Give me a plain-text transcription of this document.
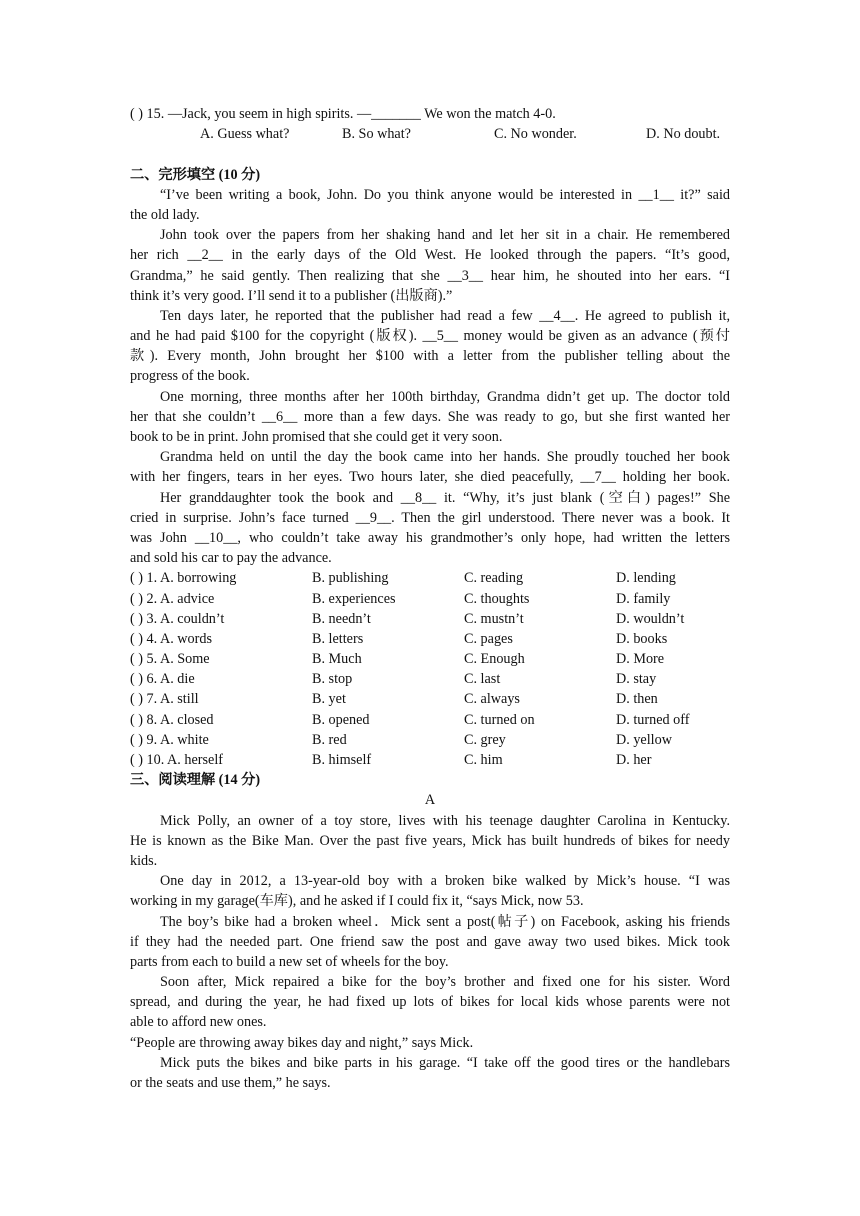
( ) 15. —Jack, you seem in high spirits. —_______ We won the match 4-0.
A. Guess what?	B. So what?	C. No wonder.	D. No doubt.
二、完形填空 (10 分)
“I’ve been writing a book, John. Do you think anyone would be interested in __1__ it?” said
the old lady.
John took over the papers from her shaking hand and let her sit in a chair. He remembered
her rich __2__ in the early days of the Old West. He looked through the papers. “It’s good,
Grandma,” he said gently. Then realizing that she __3__ hear him, he shouted into her ears. “I
think it’s very good. I’ll send it to a publisher (出版商).”
Ten days later, he reported that the publisher had read a few __4__. He agreed to publish it,
and he had paid $100 for the copyright (版权). __5__ money would be given as an advance (预付
款). Every month, John brought her $100 with a letter from the publisher telling about the
progress of the book.
One morning, three months after her 100th birthday, Grandma didn’t get up. The doctor told
her that she couldn’t __6__ more than a few days. She was ready to go, but she first wanted her
book to be in print. John promised that she could get it very soon.
Grandma held on until the day the book came into her hands. She proudly touched her book
with her fingers, tears in her eyes. Two hours later, she died peacefully, __7__ holding her book.
Her granddaughter took the book and __8__ it. “Why, it’s just blank (空白) pages!” She
cried in surprise. John’s face turned __9__. Then the girl understood. There never was a book. It
was John __10__, who couldn’t take away his grandmother’s only hope, had written the letters
and sold his car to pay the advance.
( ) 1. A. borrowing	B. publishing	C. reading	D. lending
( ) 2. A. advice	B. experiences	C. thoughts	D. family
( ) 3. A. couldn’t	B. needn’t	C. mustn’t	D. wouldn’t
( ) 4. A. words	B. letters	C. pages	D. books
( ) 5. A. Some	B. Much	C. Enough	D. More
( ) 6. A. die	B. stop	C. last	D. stay
( ) 7. A. still	B. yet	C. always	D. then
( ) 8. A. closed	B. opened	C. turned on	D. turned off
( ) 9. A. white	B. red	C. grey	D. yellow
( ) 10. A. herself	B. himself	C. him	D. her
三、阅读理解 (14 分)
A
Mick Polly, an owner of a toy store, lives with his teenage daughter Carolina in Kentucky.
He is known as the Bike Man. Over the past five years, Mick has built hundreds of bikes for needy
kids.
One day in 2012, a 13-year-old boy with a broken bike walked by Mick’s house. “I was
working in my garage(车库), and he asked if I could fix it, “says Mick, now 53.
The boy’s bike had a broken wheel．Mick sent a post(帖子) on Facebook, asking his friends
if they had the needed part. One friend saw the post and gave away two used bikes. Mick took
parts from each to build a new set of wheels for the boy.
Soon after, Mick repaired a bike for the boy’s brother and fixed one for his sister. Word
spread, and during the year, he had fixed up lots of bikes for local kids whose parents were not
able to afford new ones.
“People are throwing away bikes day and night,” says Mick.
Mick puts the bikes and bike parts in his garage. “I take off the good tires or the handlebars
or the seats and use them,” he says.
